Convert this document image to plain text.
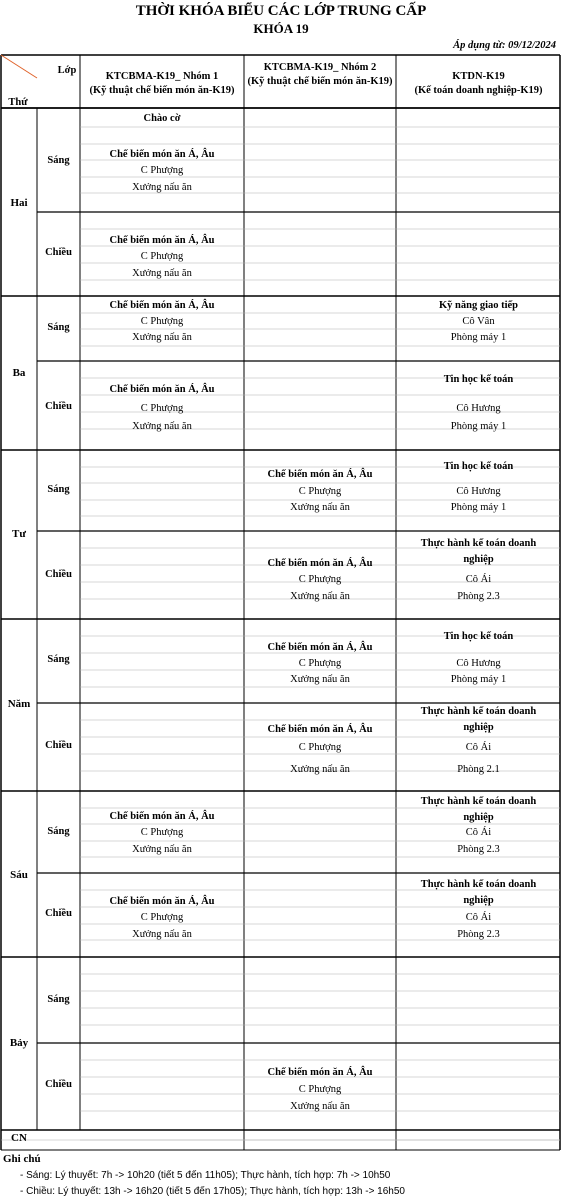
THỜI KHÓA BIỂU CÁC LỚP TRUNG CẤP
KHÓA 19
Áp dụng từ: 09/12/2024
Lớp
Thứ
KTCBMA-K19_ Nhóm 1
(Kỹ thuật chế biến món ăn-K19)
KTCBMA-K19_ Nhóm 2
(Kỹ thuật chế biến món ăn-K19)	KTDN-K19
(Kế toán doanh nghiệp-K19)
Hai
Ba
Tư
Năm
Sáu
Bảy
CN
Sáng
Chiều
Sáng
Chiều
Sáng
Chiều
Sáng
Chiều
Sáng
Chiều
Sáng
Chiều
Chào cờ
Chế biến món ăn Á, Âu
C Phượng
Xưởng nấu ăn
Chế biến món ăn Á, Âu
C Phượng
Xưởng nấu ăn
Chế biến món ăn Á, Âu
C Phượng
Xưởng nấu ăn
Chế biến món ăn Á, Âu
C Phượng
Xưởng nấu ăn
Chế biến món ăn Á, Âu
C Phượng
Xưởng nấu ăn
Chế biến món ăn Á, Âu
C Phượng
Xưởng nấu ăn
Chế biến món ăn Á, Âu
C Phượng
Xưởng nấu ăn
Chế biến món ăn Á, Âu
C Phượng
Xưởng nấu ăn
Chế biến món ăn Á, Âu
C Phượng
Xưởng nấu ăn
Chế biến món ăn Á, Âu
C Phượng
Xưởng nấu ăn
Chế biến món ăn Á, Âu
C Phượng
Xưởng nấu ăn
Kỹ năng giao tiếp
Cô Vân
Phòng máy 1
Tin học kế toán
Cô Hương
Phòng máy 1
Tin học kế toán
Cô Hương
Phòng máy 1
Thực hành kế toán doanh
nghiệp
Cô Ái
Phòng 2.3
Tin học kế toán
Cô Hương
Phòng máy 1
Thực hành kế toán doanh
nghiệp
Cô Ái
Phòng 2.1
Thực hành kế toán doanh
nghiệp
Cô Ái
Phòng 2.3
Thực hành kế toán doanh
nghiệp
Cô Ái
Phòng 2.3
Ghi chú
- Sáng: Lý thuyết: 7h -> 10h20 (tiết 5 đến 11h05); Thực hành, tích hợp: 7h -> 10h50
- Chiều: Lý thuyết: 13h -> 16h20 (tiết 5 đến 17h05); Thực hành, tích hợp: 13h -> 16h50
